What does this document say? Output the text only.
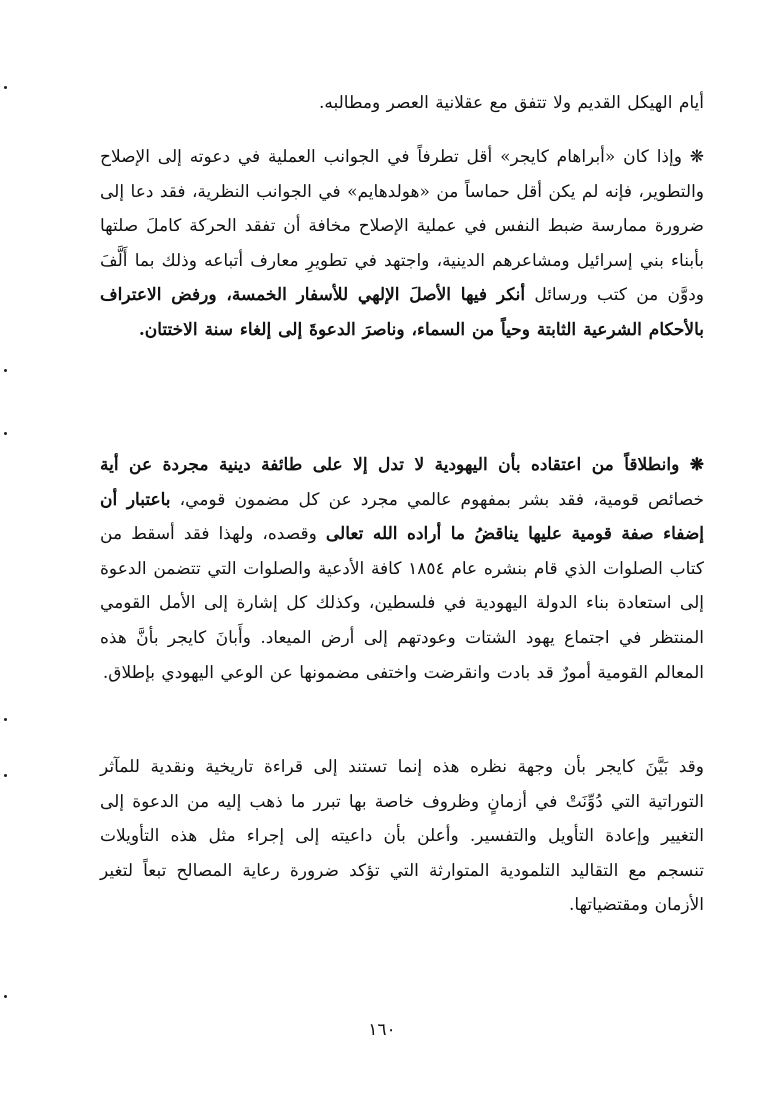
أيام الهيكل القديم ولا تتفق مع عقلانية العصر ومطالبه.

❋ وإذا كان «أبراهام كايجر» أقل تطرفاً في الجوانب العملية في دعوته إلى الإصلاح والتطوير، فإنه لم يكن أقل حماساً من «هولدهايم» في الجوانب النظرية، فقد دعا إلى ضرورة ممارسة ضبط النفس في عملية الإصلاح مخافة أن تفقد الحركة كاملَ صلتها بأبناء بني إسرائيل ومشاعرهم الدينية، واجتهد في تطويرِ معارف أتباعه وذلك بما أَلَّفَ ودوَّن من كتب ورسائل أنكر فيها الأصلَ الإلهي للأسفار الخمسة، ورفض الاعتراف بالأحكام الشرعية الثابتة وحياً من السماء، وناصرَ الدعوةَ إلى إلغاء سنة الاختتان.

❋ وانطلاقاً من اعتقاده بأن اليهودية لا تدل إلا على طائفة دينية مجردة عن أية خصائص قومية، فقد بشر بمفهوم عالمي مجرد عن كل مضمون قومي، باعتبار أن إضفاء صفة قومية عليها يناقضُ ما أراده الله تعالى وقصده، ولهذا فقد أسقط من كتاب الصلوات الذي قام بنشره عام ١٨٥٤ كافة الأدعية والصلوات التي تتضمن الدعوة إلى استعادة بناء الدولة اليهودية في فلسطين، وكذلك كل إشارة إلى الأمل القومي المنتظر في اجتماع يهود الشتات وعودتهم إلى أرض الميعاد. وأَبانَ كايجر بأنَّ هذه المعالم القومية أمورٌ قد بادت وانقرضت واختفى مضمونها عن الوعي اليهودي بإطلاق.

وقد بَيَّنَ كايجر بأن وجهة نظره هذه إنما تستند إلى قراءة تاريخية ونقدية للمآثر التوراتية التي دُوِّنَتْ في أزمانٍ وظروف خاصة بها تبرر ما ذهب إليه من الدعوة إلى التغيير وإعادة التأويل والتفسير. وأعلن بأن داعيته إلى إجراء مثل هذه التأويلات تنسجم مع التقاليد التلمودية المتوارثة التي تؤكد ضرورة رعاية المصالح تبعاً لتغير الأزمان ومقتضياتها.

١٦٠
